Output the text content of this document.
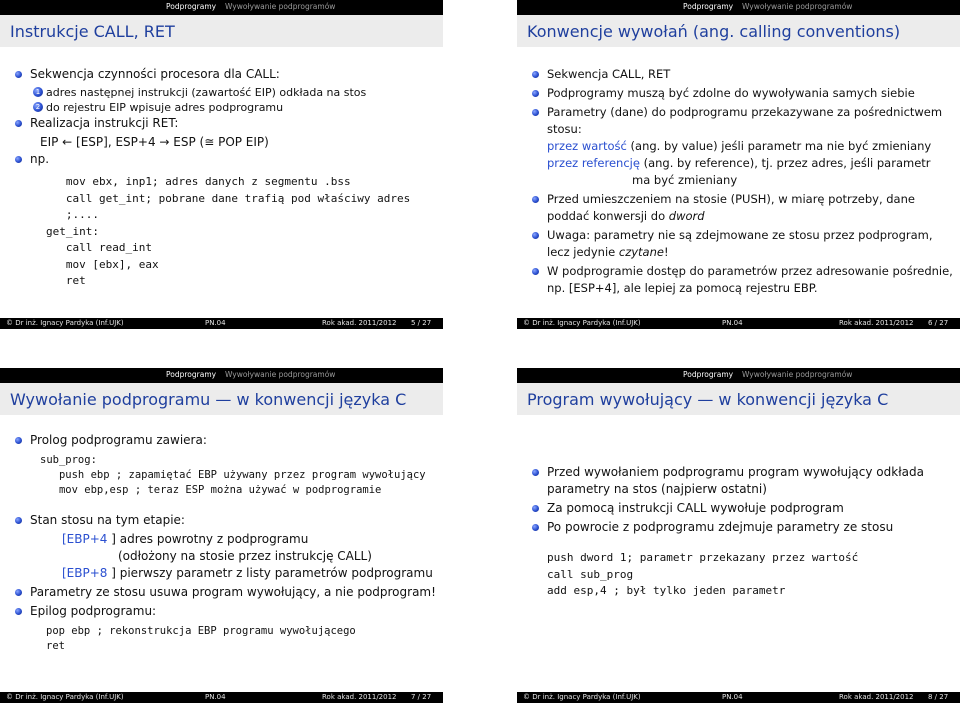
Podprogramy Wywoływanie podprogramów
Instrukcje CALL, RET
Sekwencja czynności procesora dla CALL:
1 adres następnej instrukcji (zawartość EIP) odkłada na stos
2 do rejestru EIP wpisuje adres podprogramu
Realizacja instrukcji RET:
EIP ← [ESP], ESP+4 → ESP (≅ POP EIP)
np.
mov ebx, inp1; adres danych z segmentu .bss
call get_int; pobrane dane trafią pod właściwy adres
;....
get_int:
call read_int
mov [ebx], eax
ret
© Dr inż. Ignacy Pardyka (Inf.UJK)	PN.04	Rok akad. 2011/2012 5 / 27
Podprogramy Wywoływanie podprogramów
Konwencje wywołań (ang. calling conventions)
Sekwencja CALL, RET
Podprogramy muszą być zdolne do wywoływania samych siebie
Parametry (dane) do podprogramu przekazywane za pośrednictwem
stosu:
przez wartość (ang. by value) jeśli parametr ma nie być zmieniany
przez referencję (ang. by reference), tj. przez adres, jeśli parametr
ma być zmieniany
Przed umieszczeniem na stosie (PUSH), w miarę potrzeby, dane
poddać konwersji do dword
Uwaga: parametry nie są zdejmowane ze stosu przez podprogram,
lecz jedynie czytane!
W podprogramie dostęp do parametrów przez adresowanie pośrednie,
np. [ESP+4], ale lepiej za pomocą rejestru EBP.
© Dr inż. Ignacy Pardyka (Inf.UJK)	PN.04	Rok akad. 2011/2012 6 / 27
Podprogramy Wywoływanie podprogramów
Wywołanie podprogramu — w konwencji języka C
Prolog podprogramu zawiera:
sub_prog:
push ebp ; zapamiętać EBP używany przez program wywołujący
mov ebp,esp ; teraz ESP można używać w podprogramie
Stan stosu na tym etapie:
[EBP+4 ] adres powrotny z podprogramu
(odłożony na stosie przez instrukcję CALL)
[EBP+8 ] pierwszy parametr z listy parametrów podprogramu
Parametry ze stosu usuwa program wywołujący, a nie podprogram!
Epilog podprogramu:
pop ebp ; rekonstrukcja EBP programu wywołującego
ret
© Dr inż. Ignacy Pardyka (Inf.UJK)	PN.04	Rok akad. 2011/2012 7 / 27
Podprogramy Wywoływanie podprogramów
Program wywołujący — w konwencji języka C
Przed wywołaniem podprogramu program wywołujący odkłada
parametry na stos (najpierw ostatni)
Za pomocą instrukcji CALL wywołuje podprogram
Po powrocie z podprogramu zdejmuje parametry ze stosu
push dword 1; parametr przekazany przez wartość
call sub_prog
add esp,4 ; był tylko jeden parametr
© Dr inż. Ignacy Pardyka (Inf.UJK)	PN.04	Rok akad. 2011/2012 8 / 27
